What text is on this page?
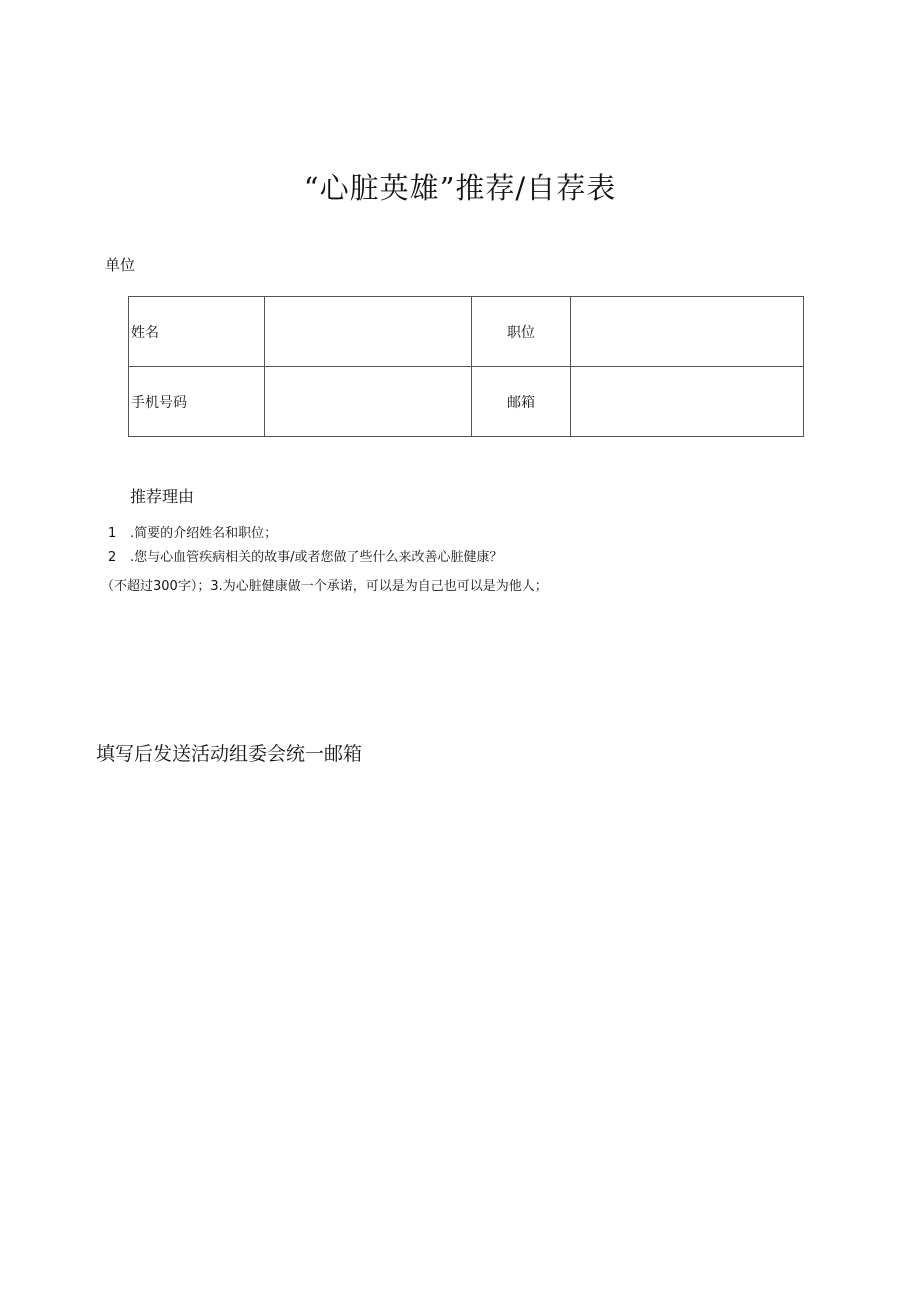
“心脏英雄”推荐/自荐表
单位
姓名		职位	
手机号码		邮箱	
推荐理由
1 .简要的介绍姓名和职位；
2 .您与心血管疾病相关的故事/或者您做了些什么来改善心脏健康？
（不超过300字）；3.为心脏健康做一个承诺，可以是为自己也可以是为他人；
填写后发送活动组委会统一邮箱
